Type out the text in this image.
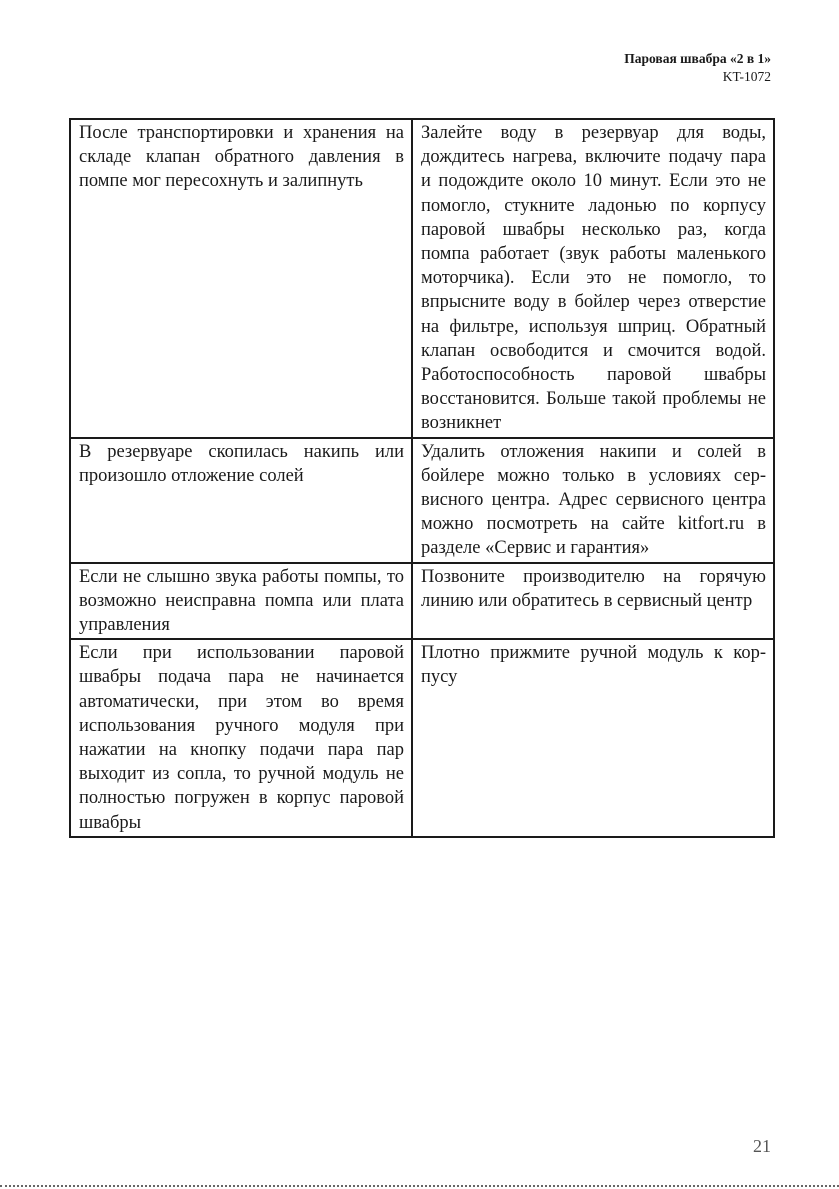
Паровая швабра «2 в 1»
KT-1072
После транспортировки и хранения на складе клапан обратного давления в помпе мог пересохнуть и залипнуть	Залейте воду в резервуар для воды, дождитесь нагрева, включите подачу пара и подождите около 10 минут. Если это не помогло, стукните ладонью по корпусу паровой швабры несколько раз, когда помпа работает (звук работы маленького моторчика). Если это не помогло, то впрысните воду в бойлер через отверстие на фильтре, используя шприц. Обратный клапан освободится и смочится водой. Работоспособность паровой швабры восстановится. Больше такой проблемы не возникнет
В резервуаре скопилась накипь или произошло отложение солей	Удалить отложения накипи и солей в бойлере можно только в условиях сервисного центра. Адрес сервисного центра можно посмотреть на сайте kitfort.ru в разделе «Сервис и гарантия»
Если не слышно звука работы помпы, то возможно неисправна помпа или плата управления	Позвоните производителю на горячую линию или обратитесь в сервисный центр
Если при использовании паровой швабры подача пара не начинается автоматически, при этом во время использования ручного модуля при нажатии на кнопку подачи пара пар выходит из сопла, то ручной модуль не полностью погружен в корпус паровой швабры	Плотно прижмите ручной модуль к корпусу
21
